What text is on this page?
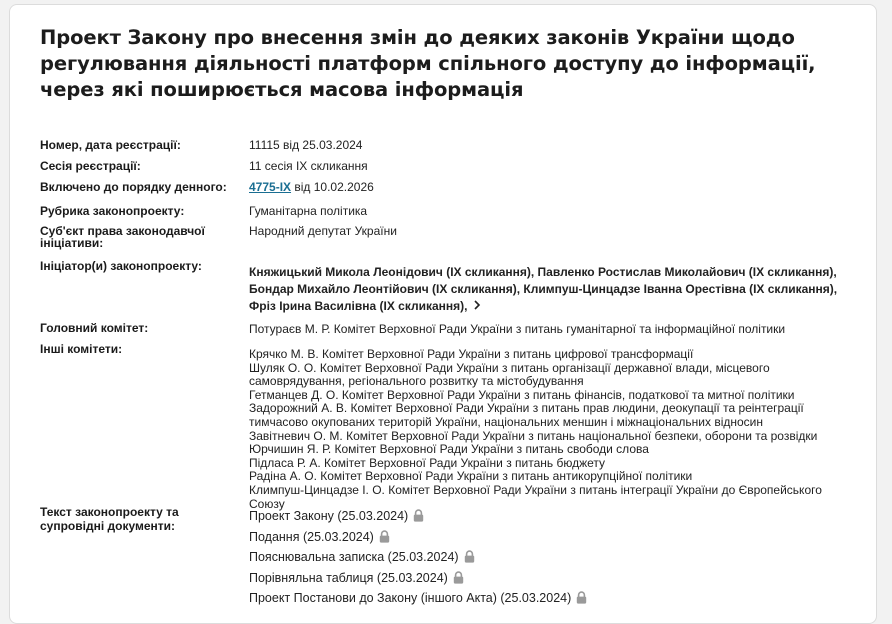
Проект Закону про внесення змін до деяких законів України щодо регулювання діяльності платформ спільного доступу до інформації, через які поширюється масова інформація
Номер, дата реєстрації:	11115 від 25.03.2024
Сесія реєстрації:	11 сесія IX скликання
Включено до порядку денного:	4775-IX від 10.02.2026
Рубрика законопроекту:	Гуманітарна політика
Суб'єкт права законодавчої ініціативи:
Народний депутат України
Ініціатор(и) законопроекту:	Княжицький Микола Леонідович (IX скликання), Павленко Ростислав Миколайович (IX скликання),
Бондар Михайло Леонтійович (IX скликання), Климпуш-Цинцадзе Іванна Орестівна (IX скликання),
Фріз Ірина Василівна (IX скликання),
Головний комітет:	Потураєв М. Р. Комітет Верховної Ради України з питань гуманітарної та інформаційної політики
Інші комітети:	Крячко М. В. Комітет Верховної Ради України з питань цифрової трансформації
Шуляк О. О. Комітет Верховної Ради України з питань організації державної влади, місцевого самоврядування, регіонального розвитку та містобудування
Гетманцев Д. О. Комітет Верховної Ради України з питань фінансів, податкової та митної політики
Задорожний А. В. Комітет Верховної Ради України з питань прав людини, деокупації та реінтеграції тимчасово окупованих територій України, національних меншин і міжнаціональних відносин
Завітневич О. М. Комітет Верховної Ради України з питань національної безпеки, оборони та розвідки
Юрчишин Я. Р. Комітет Верховної Ради України з питань свободи слова
Підласа Р. А. Комітет Верховної Ради України з питань бюджету
Радіна А. О. Комітет Верховної Ради України з питань антикорупційної політики
Климпуш-Цинцадзе І. О. Комітет Верховної Ради України з питань інтеграції України до Європейського Союзу
Текст законопроекту та супровідні документи:
Проект Закону (25.03.2024)
Подання (25.03.2024)
Пояснювальна записка (25.03.2024)
Порівняльна таблиця (25.03.2024)
Проект Постанови до Закону (іншого Акта) (25.03.2024)
